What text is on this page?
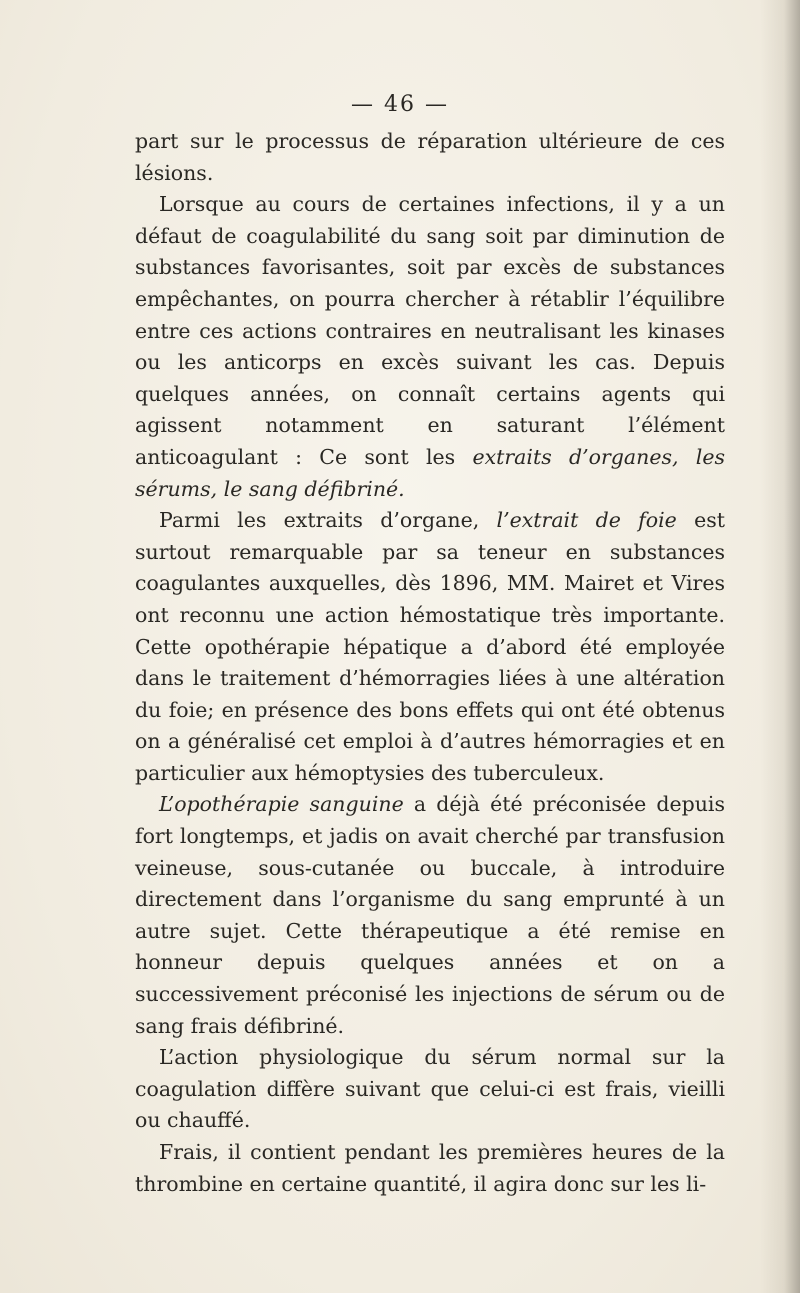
— 46 —

part sur le processus de réparation ultérieure de ces lésions.

Lorsque au cours de certaines infections, il y a un défaut de coagulabilité du sang soit par diminution de substances favorisantes, soit par excès de substances empêchantes, on pourra chercher à rétablir l’équilibre entre ces actions contraires en neutralisant les kinases ou les anticorps en excès suivant les cas. Depuis quelques années, on connaît certains agents qui agissent notamment en saturant l’élément anticoagulant : Ce sont les extraits d’organes, les sérums, le sang défibriné.

Parmi les extraits d’organe, l’extrait de foie est surtout remarquable par sa teneur en substances coagulantes auxquelles, dès 1896, MM. Mairet et Vires ont reconnu une action hémostatique très importante. Cette opothérapie hépatique a d’abord été employée dans le traitement d’hémorragies liées à une altération du foie; en présence des bons effets qui ont été obtenus on a généralisé cet emploi à d’autres hémorragies et en particulier aux hémoptysies des tuberculeux.

L’opothérapie sanguine a déjà été préconisée depuis fort longtemps, et jadis on avait cherché par transfusion veineuse, sous-cutanée ou buccale, à introduire directement dans l’organisme du sang emprunté à un autre sujet. Cette thérapeutique a été remise en honneur depuis quelques années et on a successivement préconisé les injections de sérum ou de sang frais défibriné.

L’action physiologique du sérum normal sur la coagulation diffère suivant que celui-ci est frais, vieilli ou chauffé.

Frais, il contient pendant les premières heures de la thrombine en certaine quantité, il agira donc sur les li-
